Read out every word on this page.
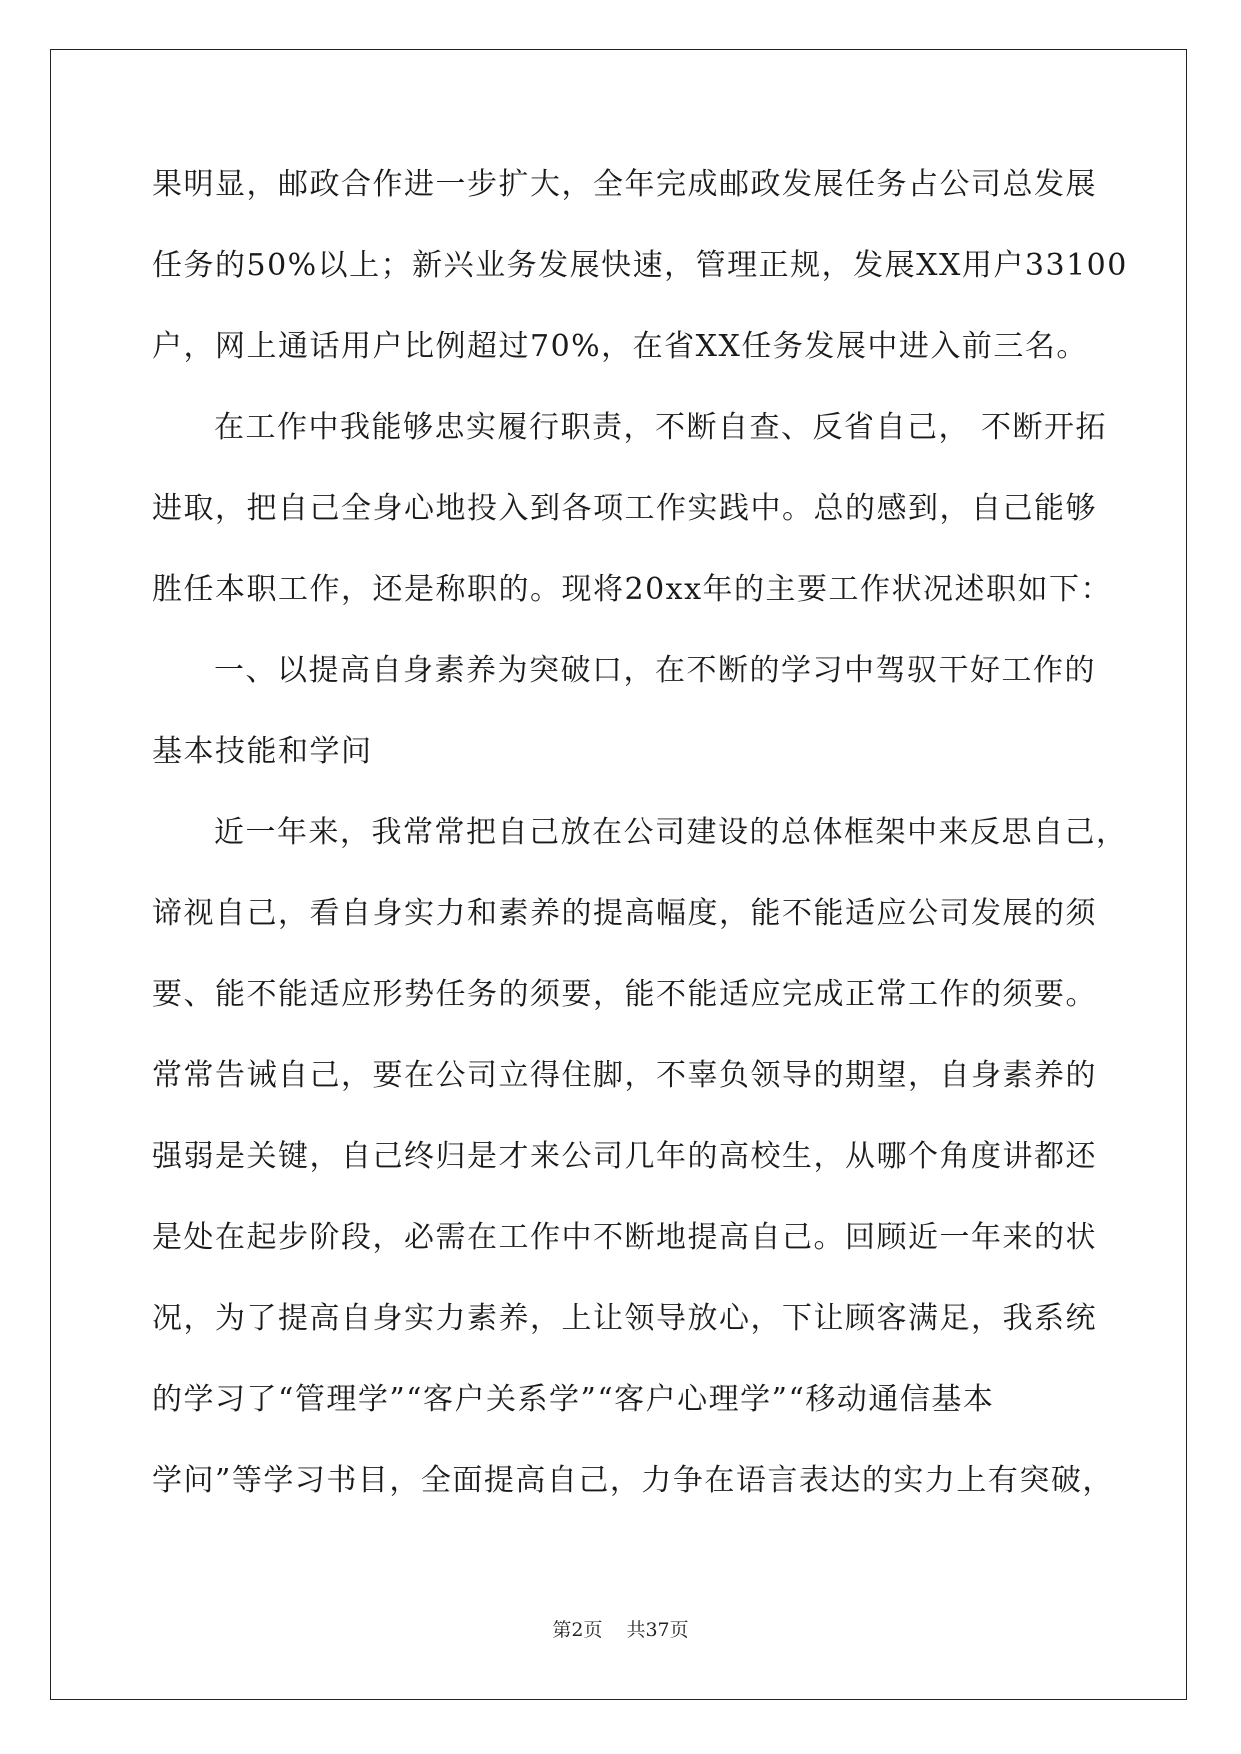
果明显，邮政合作进一步扩大，全年完成邮政发展任务占公司总发展
任务的50%以上；新兴业务发展快速，管理正规，发展XX用户33100
户，网上通话用户比例超过70%，在省XX任务发展中进入前三名。
在工作中我能够忠实履行职责，不断自查、反省自己， 不断开拓
进取，把自己全身心地投入到各项工作实践中。总的感到，自己能够
胜任本职工作，还是称职的。现将20xx年的主要工作状况述职如下：
一、以提高自身素养为突破口，在不断的学习中驾驭干好工作的
基本技能和学问
近一年来，我常常把自己放在公司建设的总体框架中来反思自己，
谛视自己，看自身实力和素养的提高幅度，能不能适应公司发展的须
要、能不能适应形势任务的须要，能不能适应完成正常工作的须要。
常常告诫自己，要在公司立得住脚，不辜负领导的期望，自身素养的
强弱是关键，自己终归是才来公司几年的高校生，从哪个角度讲都还
是处在起步阶段，必需在工作中不断地提高自己。回顾近一年来的状
况，为了提高自身实力素养，上让领导放心，下让顾客满足，我系统
的学习了“管理学”“客户关系学”“客户心理学”“移动通信基本
学问”等学习书目，全面提高自己，力争在语言表达的实力上有突破，
第2页 共37页
